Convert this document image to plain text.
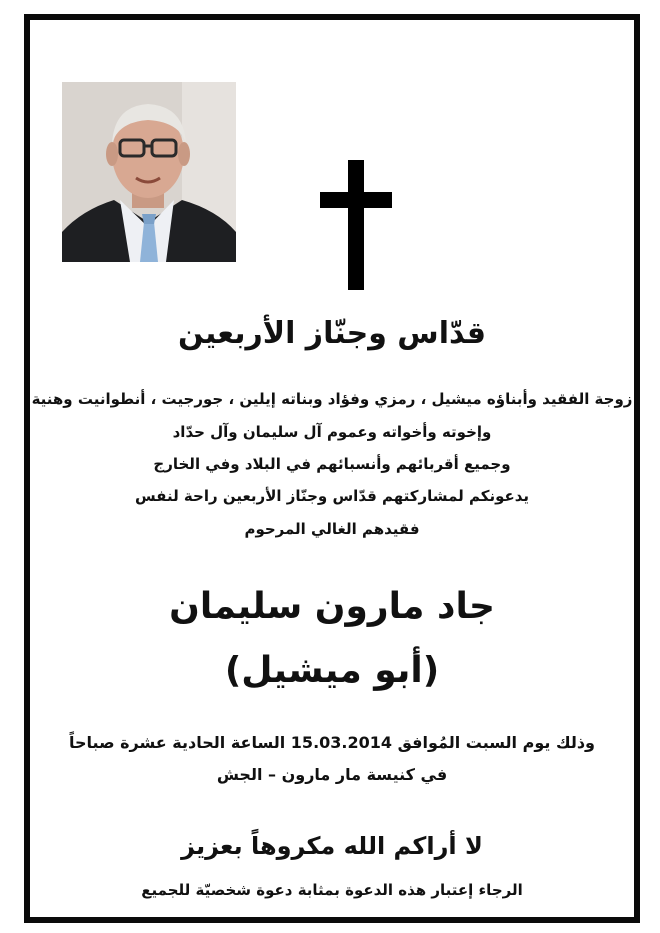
قدّاس وجنّاز الأربعين
زوجة الفقيد وأبناؤه ميشيل ، رمزي وفؤاد وبناته إيلين ، جورجيت ، أنطوانيت وهنية
وإخوته وأخواته وعموم آل سليمان وآل حدّاد
وجميع أقربائهم وأنسبائهم في البلاد وفي الخارج
يدعونكم لمشاركتهم قدّاس وجنّاز الأربعين راحة لنفس
فقيدهم الغالي المرحوم
جاد مارون سليمان
(أبو ميشيل)
وذلك يوم السبت المُوافق 15.03.2014 الساعة الحادية عشرة صباحاً
في كنيسة مار مارون – الجش
لا أراكم الله مكروهاً بعزيز
الرجاء إعتبار هذه الدعوة بمثابة دعوة شخصيّة للجميع
